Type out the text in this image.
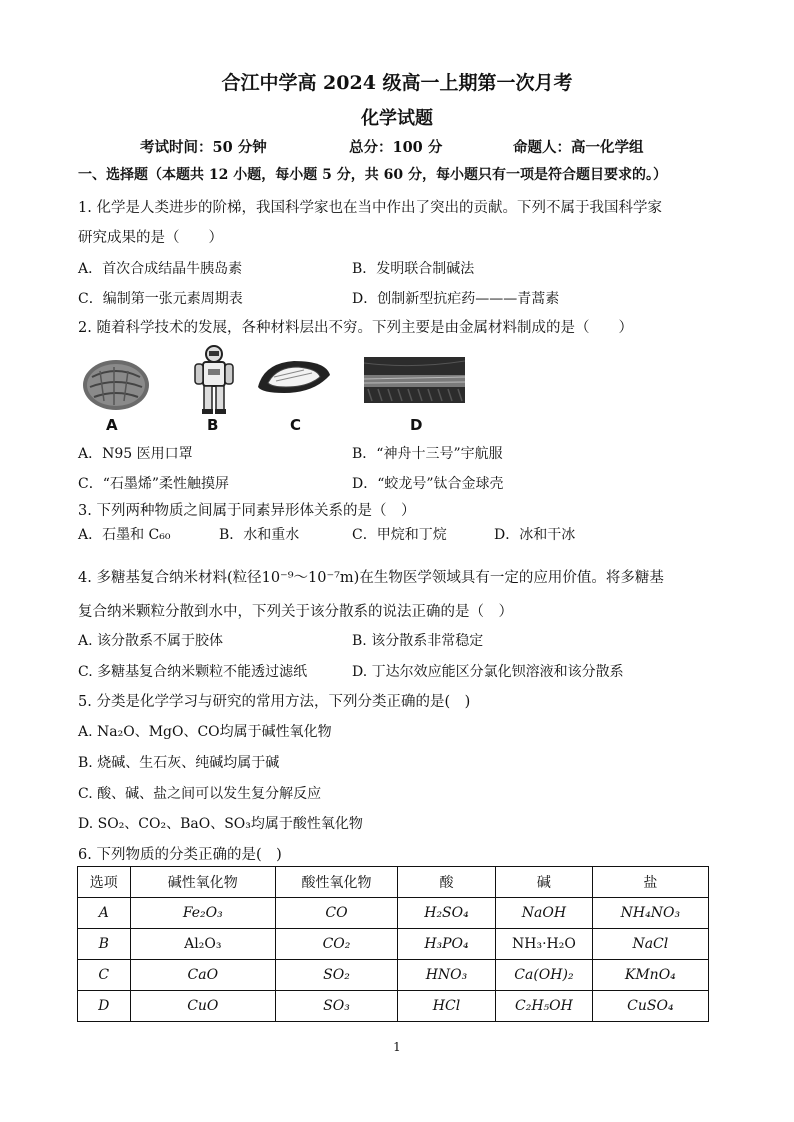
合江中学高 2024 级高一上期第一次月考
化学试题
考试时间：50 分钟	总分：100 分	命题人：高一化学组
一、选择题（本题共 12 小题，每小题 5 分，共 60 分，每小题只有一项是符合题目要求的。）
1. 化学是人类进步的阶梯，我国科学家也在当中作出了突出的贡献。下列不属于我国科学家
研究成果的是（　　）
A．首次合成结晶牛胰岛素	B．发明联合制碱法
C．编制第一张元素周期表	D．创制新型抗疟药———青蒿素
2. 随着科学技术的发展，各种材料层出不穷。下列主要是由金属材料制成的是（　　）
A	B	C	D
A．N95 医用口罩	B．“神舟十三号”宇航服
C．“石墨烯”柔性触摸屏	D．“蛟龙号”钛合金球壳
3. 下列两种物质之间属于同素异形体关系的是（　）
A．石墨和 C₆₀	B．水和重水	C．甲烷和丁烷	D．冰和干冰
4. 多糖基复合纳米材料(粒径10⁻⁹～10⁻⁷m)在生物医学领域具有一定的应用价值。将多糖基
复合纳米颗粒分散到水中，下列关于该分散系的说法正确的是（　）
A. 该分散系不属于胶体	B. 该分散系非常稳定
C. 多糖基复合纳米颗粒不能透过滤纸	D. 丁达尔效应能区分氯化钡溶液和该分散系
5. 分类是化学学习与研究的常用方法，下列分类正确的是(　)
A. Na₂O、MgO、CO均属于碱性氧化物
B. 烧碱、生石灰、纯碱均属于碱
C. 酸、碱、盐之间可以发生复分解反应
D. SO₂、CO₂、BaO、SO₃均属于酸性氧化物
6. 下列物质的分类正确的是(　)
选项	碱性氧化物	酸性氧化物	酸	碱	盐
A	Fe₂O₃	CO	H₂SO₄	NaOH	NH₄NO₃
B	Al₂O₃	CO₂	H₃PO₄	NH₃·H₂O	NaCl
C	CaO	SO₂	HNO₃	Ca(OH)₂	KMnO₄
D	CuO	SO₃	HCl	C₂H₅OH	CuSO₄
1
